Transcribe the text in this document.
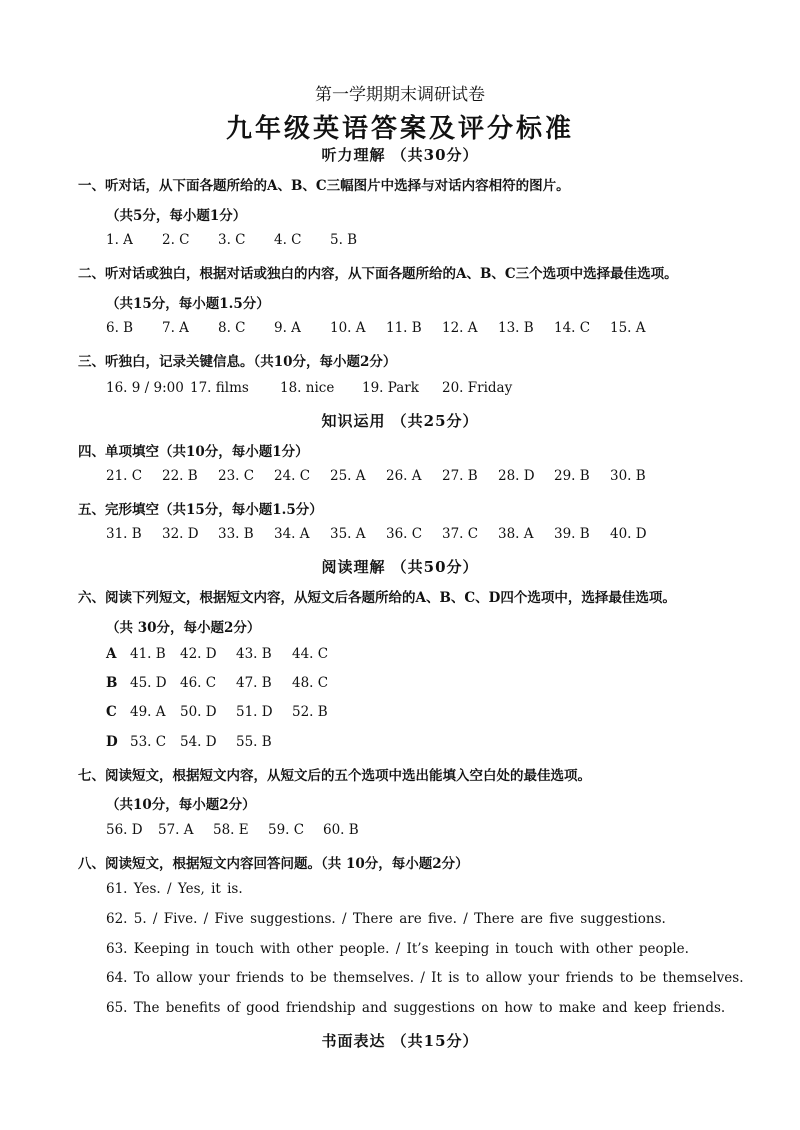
第一学期期末调研试卷
九年级英语答案及评分标准
听力理解 （共30分）
一、听对话，从下面各题所给的A、B、C三幅图片中选择与对话内容相符的图片。
（共5分，每小题1分）
1. A 2. C 3. C 4. C 5. B
二、听对话或独白，根据对话或独白的内容，从下面各题所给的A、B、C三个选项中选择最佳选项。
（共15分，每小题1.5分）
6. B 7. A 8. C 9. A 10. A 11. B 12. A 13. B 14. C 15. A
三、听独白，记录关键信息。（共10分，每小题2分）
16. 9 / 9:00 17. films 18. nice 19. Park 20. Friday
知识运用 （共25分）
四、单项填空（共10分，每小题1分）
21. C 22. B 23. C 24. C 25. A 26. A 27. B 28. D 29. B 30. B
五、完形填空（共15分，每小题1.5分）
31. B 32. D 33. B 34. A 35. A 36. C 37. C 38. A 39. B 40. D
阅读理解 （共50分）
六、阅读下列短文，根据短文内容，从短文后各题所给的A、B、C、D四个选项中，选择最佳选项。
（共 30分，每小题2分）
A 41. B 42. D 43. B 44. C
B 45. D 46. C 47. B 48. C
C 49. A 50. D 51. D 52. B
D 53. C 54. D 55. B
七、阅读短文，根据短文内容，从短文后的五个选项中选出能填入空白处的最佳选项。
（共10分，每小题2分）
56. D 57. A 58. E 59. C 60. B
八、阅读短文，根据短文内容回答问题。（共 10分，每小题2分）
61. Yes. / Yes, it is.
62. 5. / Five. / Five suggestions. / There are five. / There are five suggestions.
63. Keeping in touch with other people. / It’s keeping in touch with other people.
64. To allow your friends to be themselves. / It is to allow your friends to be themselves.
65. The benefits of good friendship and suggestions on how to make and keep friends.
书面表达 （共15分）
